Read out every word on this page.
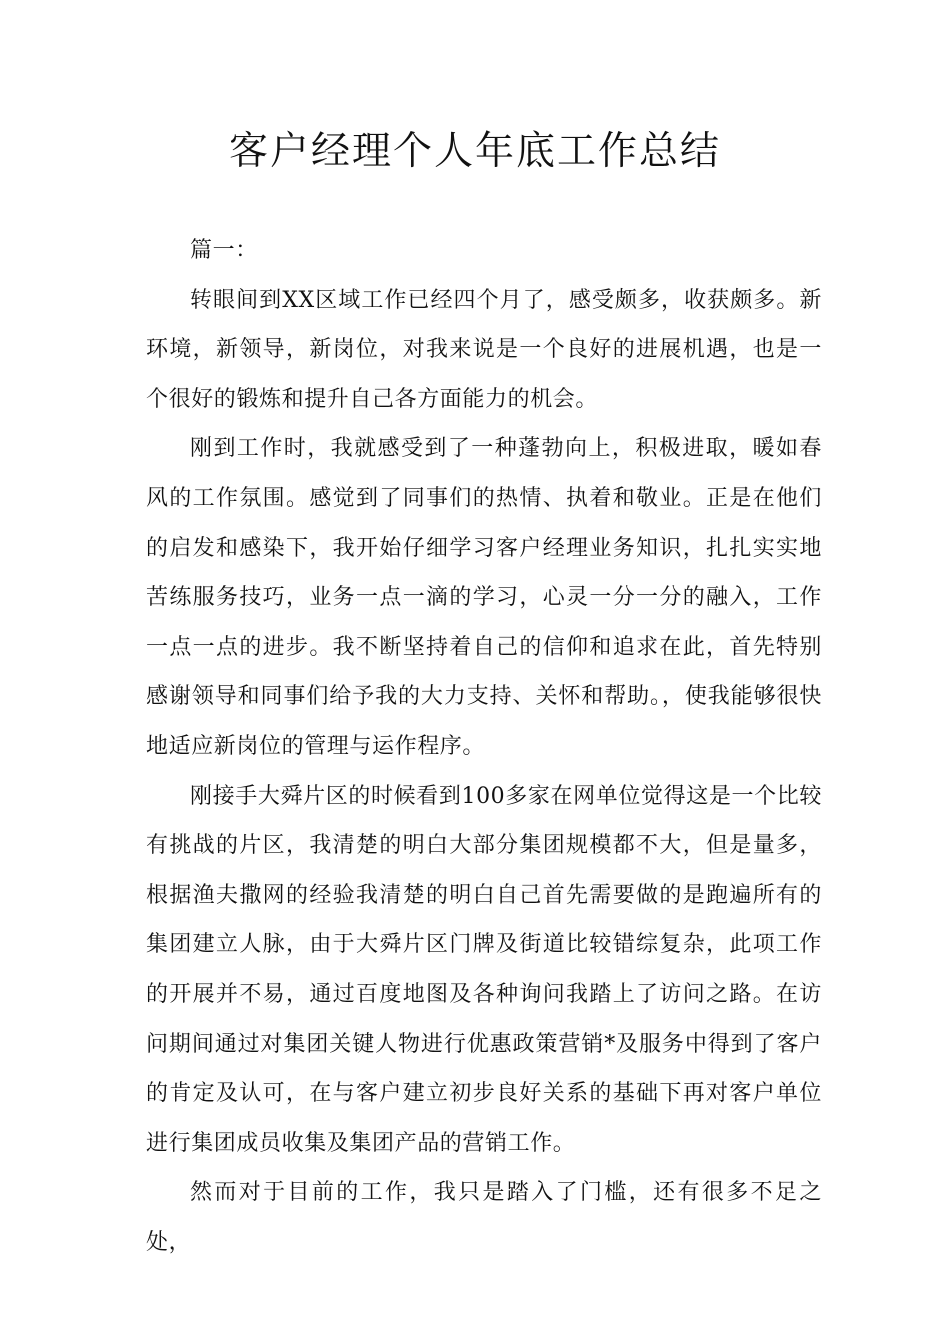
客户经理个人年底工作总结

篇一：

转眼间到XX区域工作已经四个月了，感受颇多，收获颇多。新环境，新领导，新岗位，对我来说是一个良好的进展机遇，也是一个很好的锻炼和提升自己各方面能力的机会。

刚到工作时，我就感受到了一种蓬勃向上，积极进取，暖如春风的工作氛围。感觉到了同事们的热情、执着和敬业。正是在他们的启发和感染下，我开始仔细学习客户经理业务知识，扎扎实实地苦练服务技巧，业务一点一滴的学习，心灵一分一分的融入，工作一点一点的进步。我不断坚持着自己的信仰和追求在此，首先特别感谢领导和同事们给予我的大力支持、关怀和帮助。，使我能够很快地适应新岗位的管理与运作程序。

刚接手大舜片区的时候看到100多家在网单位觉得这是一个比较有挑战的片区，我清楚的明白大部分集团规模都不大，但是量多，根据渔夫撒网的经验我清楚的明白自己首先需要做的是跑遍所有的集团建立人脉，由于大舜片区门牌及街道比较错综复杂，此项工作的开展并不易，通过百度地图及各种询问我踏上了访问之路。在访问期间通过对集团关键人物进行优惠政策营销*及服务中得到了客户的肯定及认可，在与客户建立初步良好关系的基础下再对客户单位进行集团成员收集及集团产品的营销工作。

然而对于目前的工作，我只是踏入了门槛，还有很多不足之处，
